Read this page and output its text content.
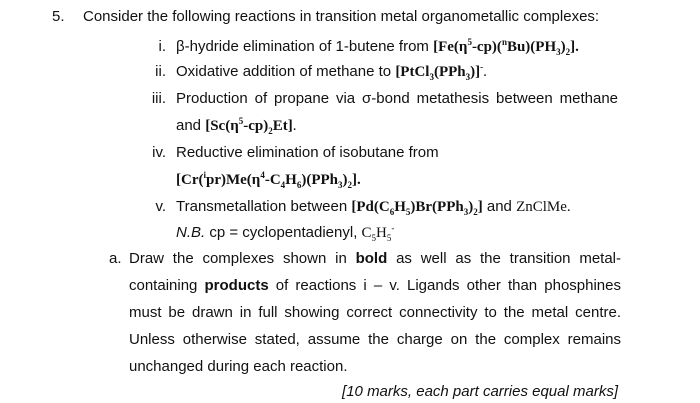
5. Consider the following reactions in transition metal organometallic complexes:
i. β-hydride elimination of 1-butene from $[Fe(\eta^5-cp)(^nBu)(PH_3)_2]$.
ii. Oxidative addition of methane to [PtCl$_3$(PPh$_3$)]-.
iii. Production of propane via σ-bond metathesis between methane
and $[Sc(\eta^5-cp)_2Et]$.
iv. Reductive elimination of isobutane from
$[Cr(^ipr)Me(\eta^4-C_4H_6)(PPh_3)_2]$.
v. Transmetallation between $[Pd(C_6H_5)Br(PPh_3)_2]$ and ZnClMe.
N.B. cp = cyclopentadienyl, $C_5H_5^-$
a. Draw the complexes shown in bold as well as the transition metal-
containing products of reactions i – v. Ligands other than phosphines
must be drawn in full showing correct connectivity to the metal centre.
Unless otherwise stated, assume the charge on the complex remains
unchanged during each reaction.
[10 marks, each part carries equal marks]
